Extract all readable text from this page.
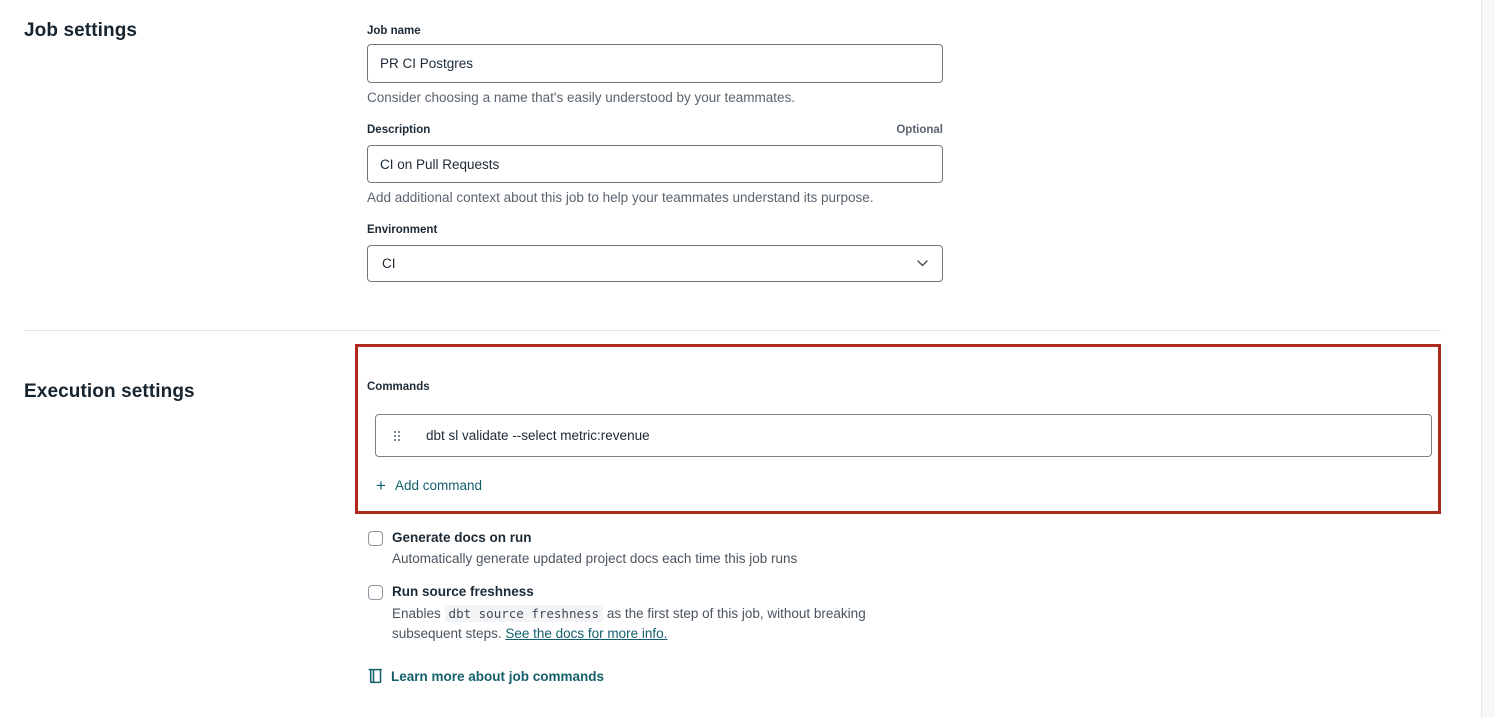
Job settings	Job name
PR CI Postgres
Consider choosing a name that's easily understood by your teammates.
Description	Optional
CI on Pull Requests
Add additional context about this job to help your teammates understand its purpose.
Environment
CI
Execution settings	Commands
dbt sl validate --select metric:revenue
+ Add command
Generate docs on run
Automatically generate updated project docs each time this job runs
Run source freshness
Enables dbt source freshness as the first step of this job, without breaking subsequent steps. See the docs for more info.
Learn more about job commands
